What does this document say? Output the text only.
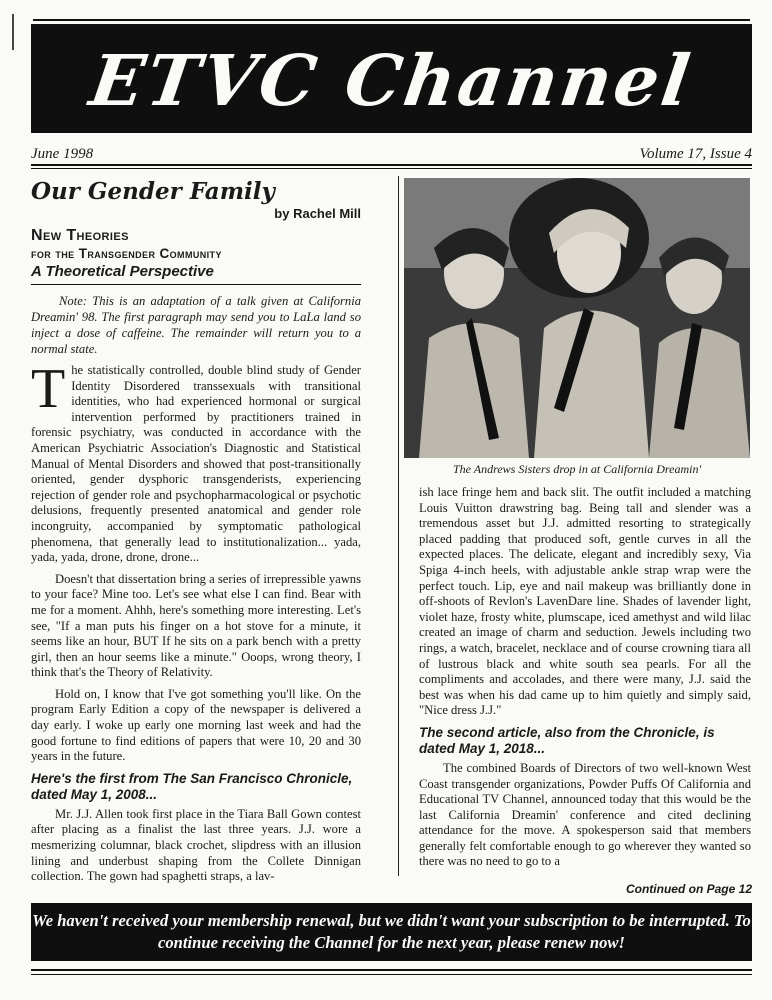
ETVC Channel
June 1998	Volume 17, Issue 4
Our Gender Family

by Rachel Mill

New Theories

for the Transgender Community

A Theoretical Perspective

Note: This is an adaptation of a talk given at California Dreamin' 98. The first paragraph may send you to LaLa land so inject a dose of caffeine. The remainder will return you to a normal state.

The statistically controlled, double blind study of Gender Identity Disordered transsexuals with transitional identities, who had experienced hormonal or surgical intervention performed by practitioners trained in forensic psychiatry, was conducted in accordance with the American Psychiatric Association's Diagnostic and Statistical Manual of Mental Disorders and showed that post-transitionally oriented, gender dysphoric transgenderists, experiencing rejection of gender role and psychopharmacological or psychotic delusions, frequently presented anatomical and gender role incongruity, accompanied by symptomatic pathological phenomena, that generally lead to institutionalization... yada, yada, yada, drone, drone, drone...

Doesn't that dissertation bring a series of irrepressible yawns to your face? Mine too. Let's see what else I can find. Bear with me for a moment. Ahhh, here's something more interesting. Let's see, "If a man puts his finger on a hot stove for a minute, it seems like an hour, BUT If he sits on a park bench with a pretty girl, then an hour seems like a minute." Ooops, wrong theory, I think that's the Theory of Relativity.

Hold on, I know that I've got something you'll like. On the program Early Edition a copy of the newspaper is delivered a day early. I woke up early one morning last week and had the good fortune to find editions of papers that were 10, 20 and 30 years in the future.

Here's the first from The San Francisco Chronicle, dated May 1, 2008...

Mr. J.J. Allen took first place in the Tiara Ball Gown contest after placing as a finalist the last three years. J.J. wore a mesmerizing columnar, black crochet, slipdress with an illusion lining and underbust shaping from the Collete Dinnigan collection. The gown had spaghetti straps, a lav-

The Andrews Sisters drop in at California Dreamin'

ish lace fringe hem and back slit. The outfit included a matching Louis Vuitton drawstring bag. Being tall and slender was a tremendous asset but J.J. admitted resorting to strategically placed padding that produced soft, gentle curves in all the expected places. The delicate, elegant and incredibly sexy, Via Spiga 4-inch heels, with adjustable ankle strap wrap were the perfect touch. Lip, eye and nail makeup was brilliantly done in off-shoots of Revlon's LavenDare line. Shades of lavender light, violet haze, frosty white, plumscape, iced amethyst and wild lilac created an image of charm and seduction. Jewels including two rings, a watch, bracelet, necklace and of course crowning tiara all of lustrous black and white south sea pearls. For all the compliments and accolades, and there were many, J.J. said the best was when his dad came up to him quietly and simply said, "Nice dress J.J."

The second article, also from the Chronicle, is dated May 1, 2018...

The combined Boards of Directors of two well-known West Coast transgender organizations, Powder Puffs Of California and Educational TV Channel, announced today that this would be the last California Dreamin' conference and cited declining attendance for the move. A spokesperson said that members generally felt comfortable enough to go wherever they wanted so there was no need to go to a

Continued on Page 12
We haven't received your membership renewal, but we didn't want your subscription to be interrupted. To continue receiving the Channel for the next year, please renew now!
